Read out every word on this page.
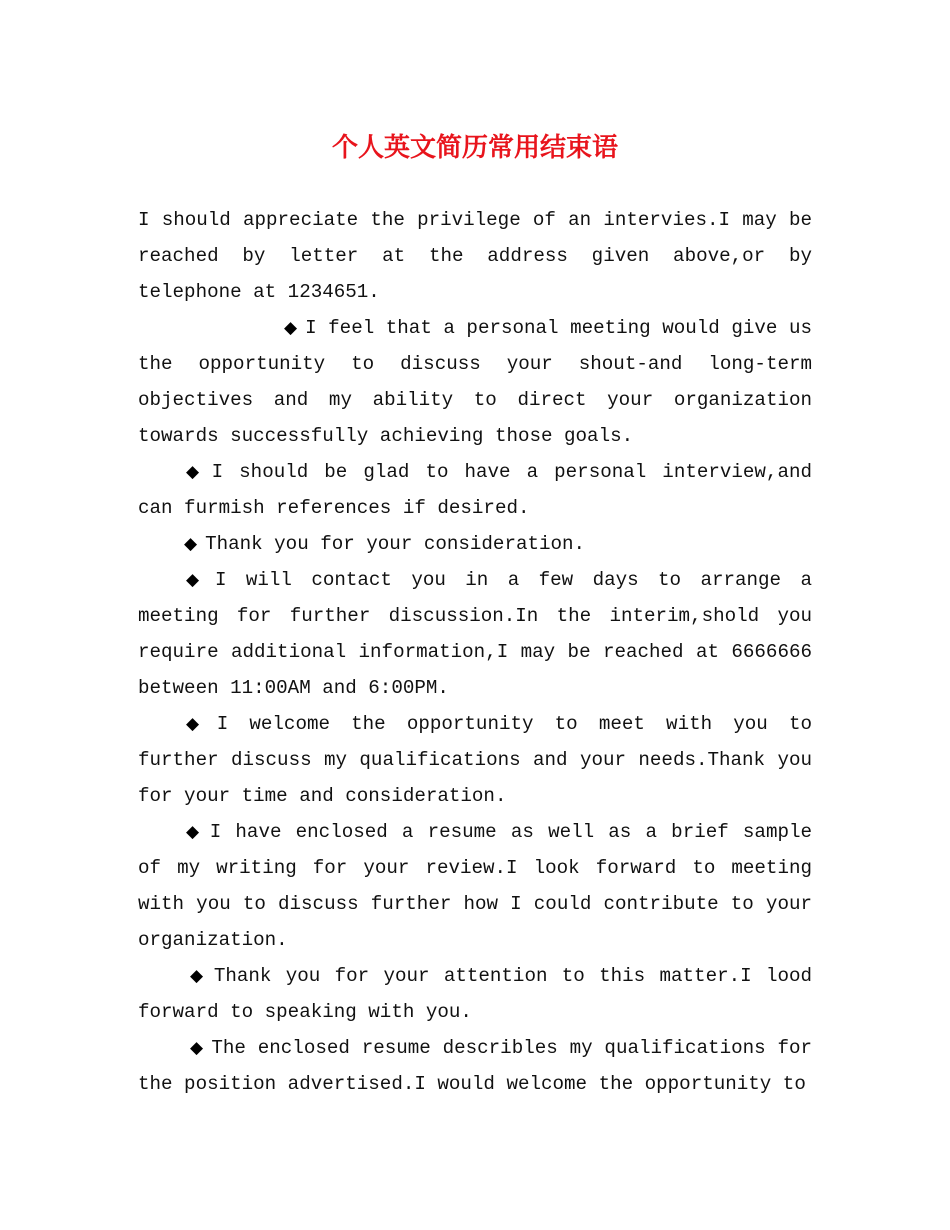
个人英文简历常用结束语

I should appreciate the privilege of an intervies.I may be reached by letter at the address given above,or by telephone at 1234651.

◆ I feel that a personal meeting would give us the opportunity to discuss your shout-and long-term objectives and my ability to direct your organization towards successfully achieving those goals.

◆ I should be glad to have a personal interview,and can furmish references if desired.

◆ Thank you for your consideration.

◆ I will contact you in a few days to arrange a meeting for further discussion.In the interim,shold you require additional information,I may be reached at 6666666 between 11:00AM and 6:00PM.

◆ I welcome the opportunity to meet with you to further discuss my qualifications and your needs.Thank you for your time and consideration.

◆ I have enclosed a resume as well as a brief sample of my writing for your review.I look forward to meeting with you to discuss further how I could contribute to your organization.

◆ Thank you for your attention to this matter.I lood forward to speaking with you.

◆ The enclosed resume describles my qualifications for the position advertised.I would welcome the opportunity to
